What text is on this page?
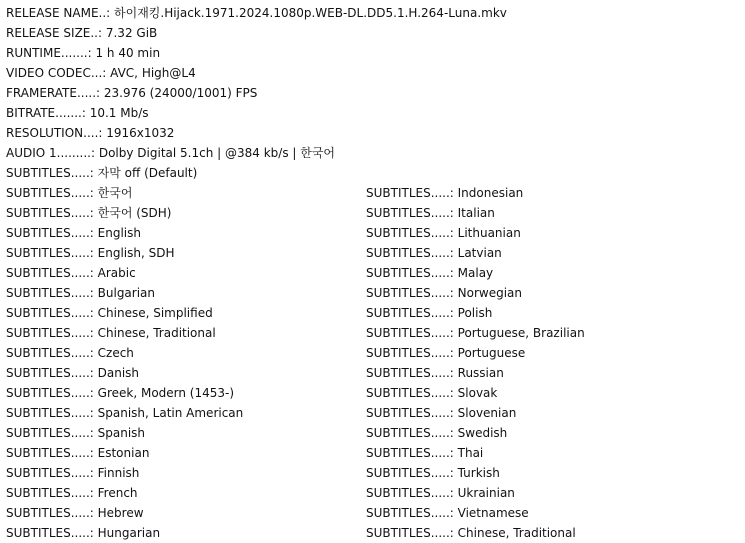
RELEASE NAME..: 하이재킹.Hijack.1971.2024.1080p.WEB-DL.DD5.1.H.264-Luna.mkv
RELEASE SIZE..: 7.32 GiB
RUNTIME.......: 1 h 40 min
VIDEO CODEC...: AVC, High@L4
FRAMERATE.....: 23.976 (24000/1001) FPS
BITRATE.......: 10.1 Mb/s
RESOLUTION....: 1916x1032
AUDIO 1.........: Dolby Digital 5.1ch | @384 kb/s | 한국어
SUBTITLES.....: 자막 off (Default)
SUBTITLES.....: 한국어
SUBTITLES.....: 한국어 (SDH)
SUBTITLES.....: English
SUBTITLES.....: English, SDH
SUBTITLES.....: Arabic
SUBTITLES.....: Bulgarian
SUBTITLES.....: Chinese, Simplified
SUBTITLES.....: Chinese, Traditional
SUBTITLES.....: Czech
SUBTITLES.....: Danish
SUBTITLES.....: Greek, Modern (1453-)
SUBTITLES.....: Spanish, Latin American
SUBTITLES.....: Spanish
SUBTITLES.....: Estonian
SUBTITLES.....: Finnish
SUBTITLES.....: French
SUBTITLES.....: Hebrew
SUBTITLES.....: Hungarian
SUBTITLES.....: Indonesian
SUBTITLES.....: Italian
SUBTITLES.....: Lithuanian
SUBTITLES.....: Latvian
SUBTITLES.....: Malay
SUBTITLES.....: Norwegian
SUBTITLES.....: Polish
SUBTITLES.....: Portuguese, Brazilian
SUBTITLES.....: Portuguese
SUBTITLES.....: Russian
SUBTITLES.....: Slovak
SUBTITLES.....: Slovenian
SUBTITLES.....: Swedish
SUBTITLES.....: Thai
SUBTITLES.....: Turkish
SUBTITLES.....: Ukrainian
SUBTITLES.....: Vietnamese
SUBTITLES.....: Chinese, Traditional
